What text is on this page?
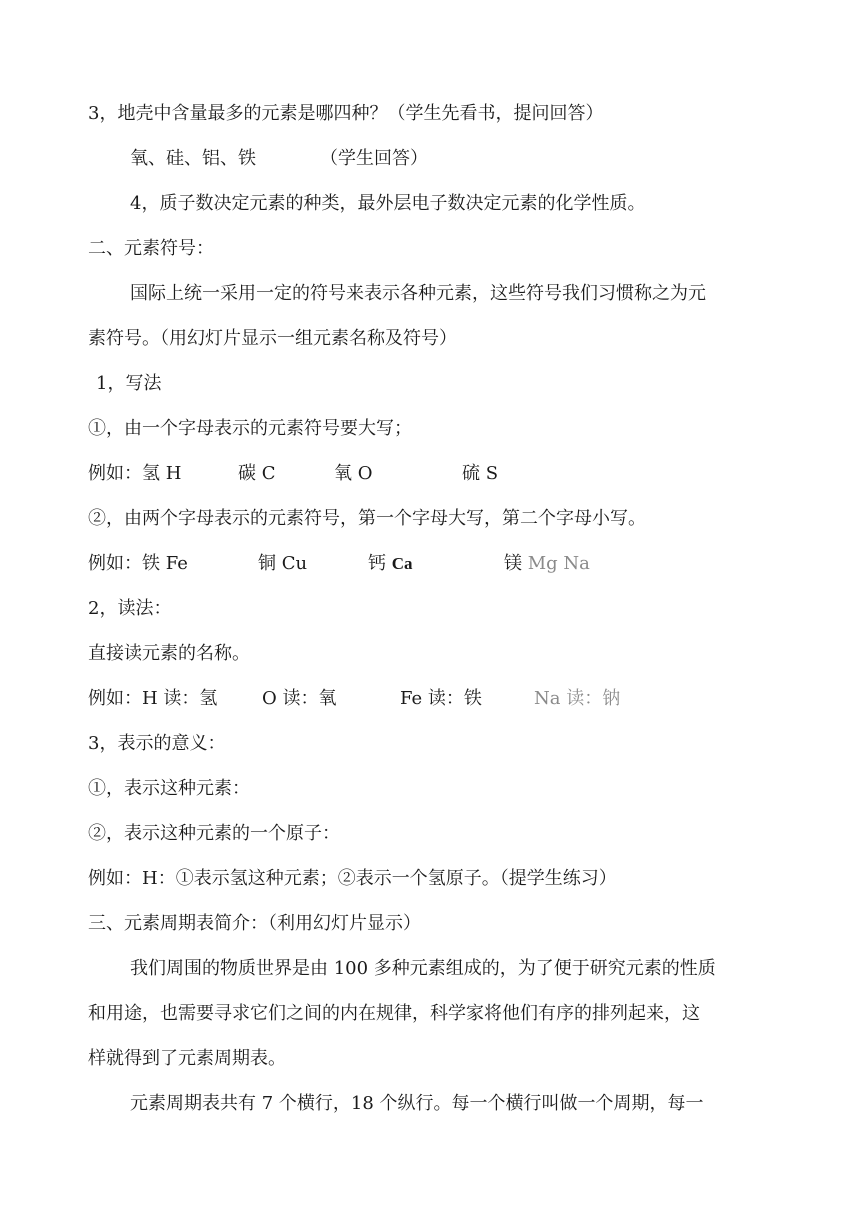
3，地壳中含量最多的元素是哪四种？（学生先看书，提问回答）
氧、硅、铝、铁	（学生回答）
4，质子数决定元素的种类，最外层电子数决定元素的化学性质。
二、元素符号：
国际上统一采用一定的符号来表示各种元素，这些符号我们习惯称之为元
素符号。（用幻灯片显示一组元素名称及符号）
1，写法
①，由一个字母表示的元素符号要大写；
例如：氢 H	碳 C	氧 O	硫 S
②，由两个字母表示的元素符号，第一个字母大写，第二个字母小写。
例如：铁 Fe	铜 Cu	钙 Ca	镁 Mg Na
2，读法：
直接读元素的名称。
例如：H 读：氢 O 读：氧	Fe 读：铁	Na 读：钠
3，表示的意义：
①，表示这种元素：
②，表示这种元素的一个原子：
例如：H：①表示氢这种元素；②表示一个氢原子。（提学生练习）
三、元素周期表简介：（利用幻灯片显示）
我们周围的物质世界是由 100 多种元素组成的，为了便于研究元素的性质
和用途，也需要寻求它们之间的内在规律，科学家将他们有序的排列起来，这
样就得到了元素周期表。
元素周期表共有 7 个横行，18 个纵行。每一个横行叫做一个周期，每一
